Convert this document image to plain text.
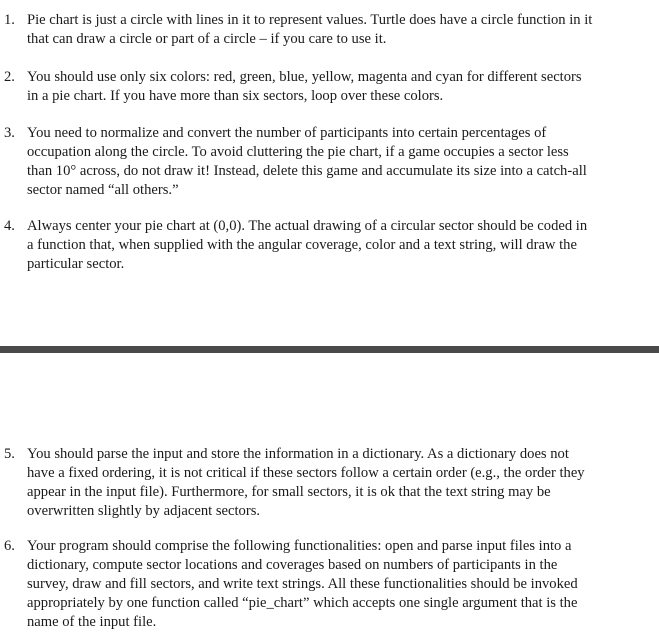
1. Pie chart is just a circle with lines in it to represent values. Turtle does have a circle function in it
that can draw a circle or part of a circle – if you care to use it.
2. You should use only six colors: red, green, blue, yellow, magenta and cyan for different sectors
in a pie chart. If you have more than six sectors, loop over these colors.
3. You need to normalize and convert the number of participants into certain percentages of
occupation along the circle. To avoid cluttering the pie chart, if a game occupies a sector less
than 10° across, do not draw it! Instead, delete this game and accumulate its size into a catch-all
sector named “all others.”
4. Always center your pie chart at (0,0). The actual drawing of a circular sector should be coded in
a function that, when supplied with the angular coverage, color and a text string, will draw the
particular sector.
5. You should parse the input and store the information in a dictionary. As a dictionary does not
have a fixed ordering, it is not critical if these sectors follow a certain order (e.g., the order they
appear in the input file). Furthermore, for small sectors, it is ok that the text string may be
overwritten slightly by adjacent sectors.
6. Your program should comprise the following functionalities: open and parse input files into a
dictionary, compute sector locations and coverages based on numbers of participants in the
survey, draw and fill sectors, and write text strings. All these functionalities should be invoked
appropriately by one function called “pie_chart” which accepts one single argument that is the
name of the input file.
